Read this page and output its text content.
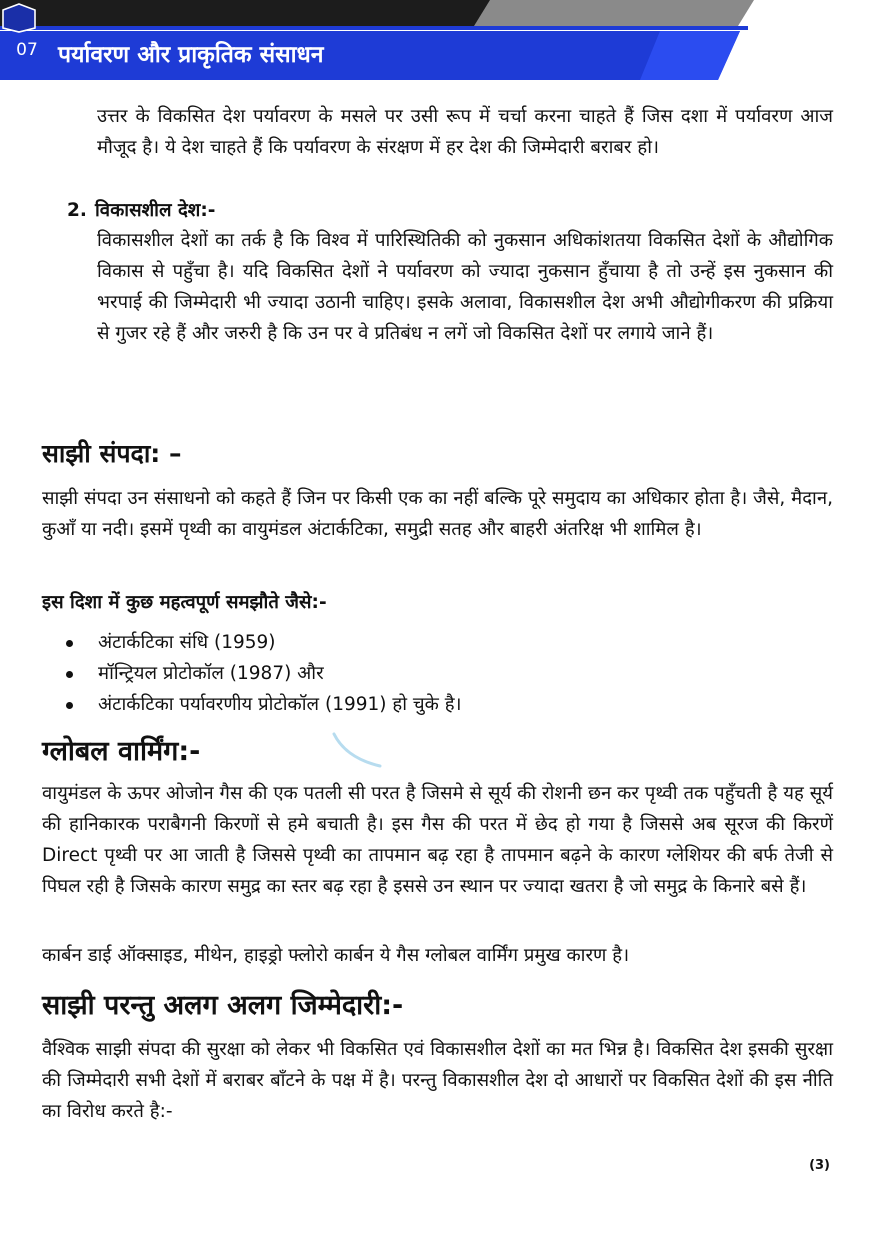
07 पर्यावरण और प्राकृतिक संसाधन

उत्तर के विकसित देश पर्यावरण के मसले पर उसी रूप में चर्चा करना चाहते हैं जिस दशा में पर्यावरण आज मौजूद है। ये देश चाहते हैं कि पर्यावरण के संरक्षण में हर देश की जिम्मेदारी बराबर हो।

2. विकासशील देश:-

विकासशील देशों का तर्क है कि विश्व में पारिस्थितिकी को नुकसान अधिकांशतया विकसित देशों के औद्योगिक विकास से पहुँचा है। यदि विकसित देशों ने पर्यावरण को ज्यादा नुकसान हुँचाया है तो उन्हें इस नुकसान की भरपाई की जिम्मेदारी भी ज्यादा उठानी चाहिए। इसके अलावा, विकासशील देश अभी औद्योगीकरण की प्रक्रिया से गुजर रहे हैं और जरुरी है कि उन पर वे प्रतिबंध न लगें जो विकसित देशों पर लगाये जाने हैं।

साझी संपदा: –

साझी संपदा उन संसाधनो को कहते हैं जिन पर किसी एक का नहीं बल्कि पूरे समुदाय का अधिकार होता है। जैसे, मैदान, कुआँ या नदी। इसमें पृथ्वी का वायुमंडल अंटार्कटिका, समुद्री सतह और बाहरी अंतरिक्ष भी शामिल है।

इस दिशा में कुछ महत्वपूर्ण समझौते जैसे:-
अंटार्कटिका संधि (1959)
मॉन्ट्रियल प्रोटोकॉल (1987) और
अंटार्कटिका पर्यावरणीय प्रोटोकॉल (1991) हो चुके है।
ग्लोबल वार्मिंग:-

वायुमंडल के ऊपर ओजोन गैस की एक पतली सी परत है जिसमे से सूर्य की रोशनी छन कर पृथ्वी तक पहुँचती है यह सूर्य की हानिकारक पराबैगनी किरणों से हमे बचाती है। इस गैस की परत में छेद हो गया है जिससे अब सूरज की किरणें Direct पृथ्वी पर आ जाती है जिससे पृथ्वी का तापमान बढ़ रहा है तापमान बढ़ने के कारण ग्लेशियर की बर्फ तेजी से पिघल रही है जिसके कारण समुद्र का स्तर बढ़ रहा है इससे उन स्थान पर ज्यादा खतरा है जो समुद्र के किनारे बसे हैं।

कार्बन डाई ऑक्साइड, मीथेन, हाइड्रो फ्लोरो कार्बन ये गैस ग्लोबल वार्मिंग प्रमुख कारण है।

साझी परन्तु अलग अलग जिम्मेदारी:-

वैश्विक साझी संपदा की सुरक्षा को लेकर भी विकसित एवं विकासशील देशों का मत भिन्न है। विकसित देश इसकी सुरक्षा की जिम्मेदारी सभी देशों में बराबर बाँटने के पक्ष में है। परन्तु विकासशील देश दो आधारों पर विकसित देशों की इस नीति का विरोध करते है:-

(3)
